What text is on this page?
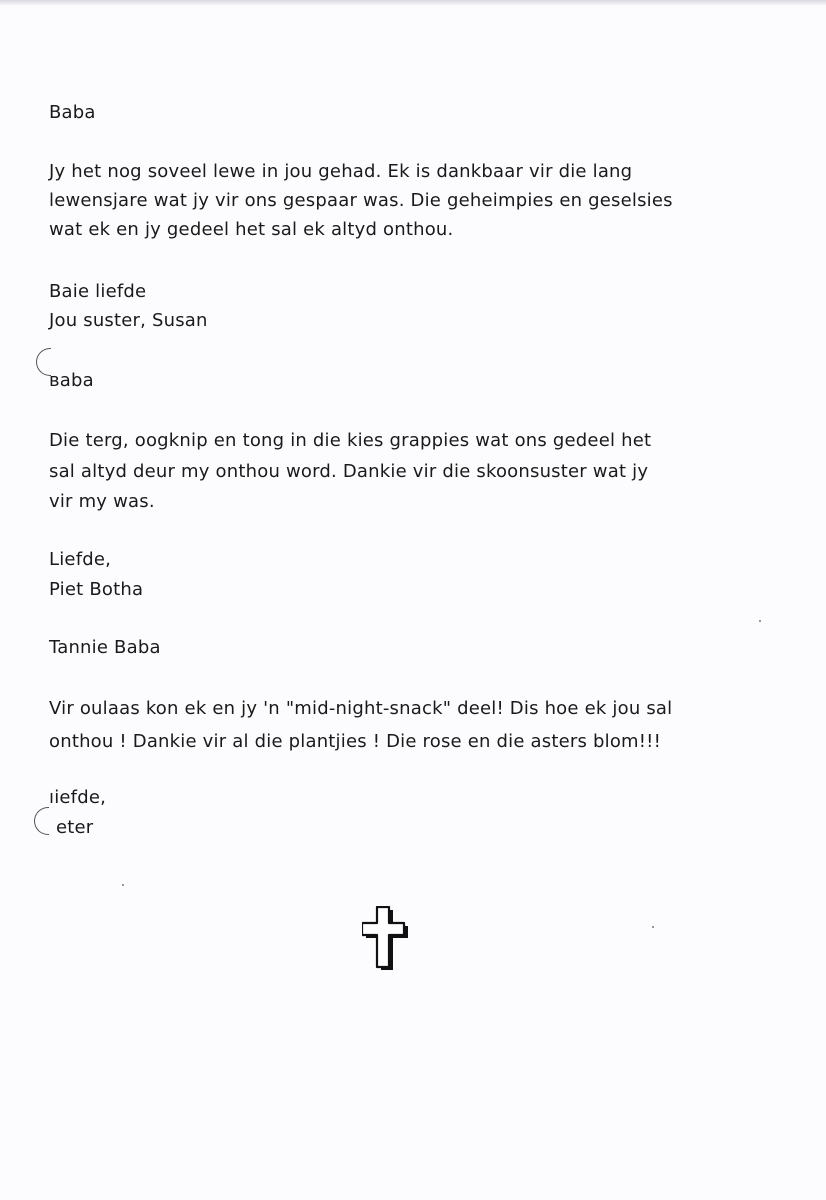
Baba
Jy het nog soveel lewe in jou gehad. Ek is dankbaar vir die lang
lewensjare wat jy vir ons gespaar was. Die geheimpies en geselsies
wat ek en jy gedeel het sal ek altyd onthou.
Baie liefde
Jou suster, Susan
вaba
Die terg, oogknip en tong in die kies grappies wat ons gedeel het
sal altyd deur my onthou word. Dankie vir die skoonsuster wat jy
vir my was.
Liefde,
Piet Botha
Tannie Baba
Vir oulaas kon ek en jy 'n "mid-night-snack" deel! Dis hoe ek jou sal
onthou ! Dankie vir al die plantjies ! Die rose en die asters blom!!!
ıiefde,
eter
